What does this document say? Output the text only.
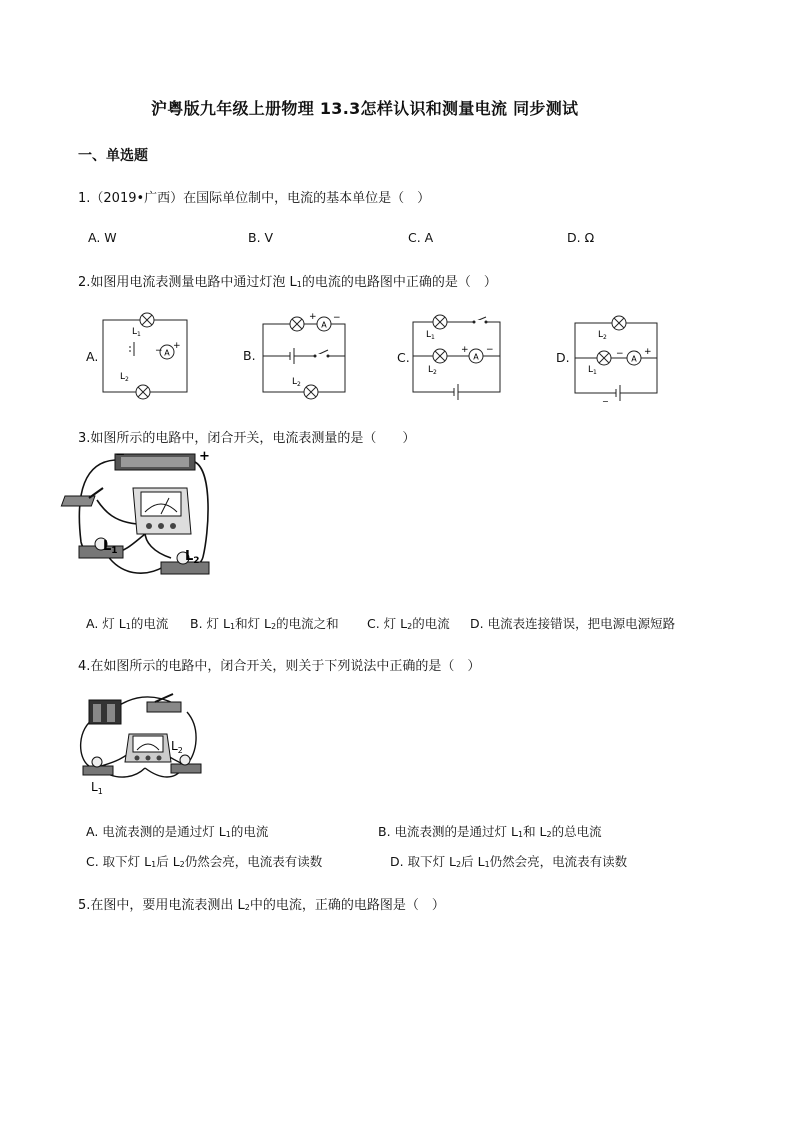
沪粤版九年级上册物理 13.3怎样认识和测量电流 同步测试
一、单选题
1.（2019•广西）在国际单位制中，电流的基本单位是（　）
A. W	B. V	C. A	D. Ω
2.如图用电流表测量电路中通过灯泡 L1的电流的电路图中正确的是（　）
A.	B.	C.	D.
A
− +
$L_1$
$L_2$
A
+ −
$L_2$
A
+ −
$L_1$
$L_2$
A
− +
$L_2$
$L_1$
−
3.如图所示的电路中，闭合开关，电流表测量的是（　　）
−	+
$L_1$	$L_2$
A. 灯 L1的电流 B. 灯 L1和灯 L2的电流之和 C. 灯 L2的电流 D. 电流表连接错误，把电源电源短路
4.在如图所示的电路中，闭合开关，则关于下列说法中正确的是（　）
$L_1$
$L_2$
A. 电流表测的是通过灯 L1的电流	B. 电流表测的是通过灯 L1和 L2的总电流
C. 取下灯 L1后 L2仍然会亮，电流表有读数	D. 取下灯 L2后 L1仍然会亮，电流表有读数
5.在图中，要用电流表测出 L2中的电流，正确的电路图是（　）
